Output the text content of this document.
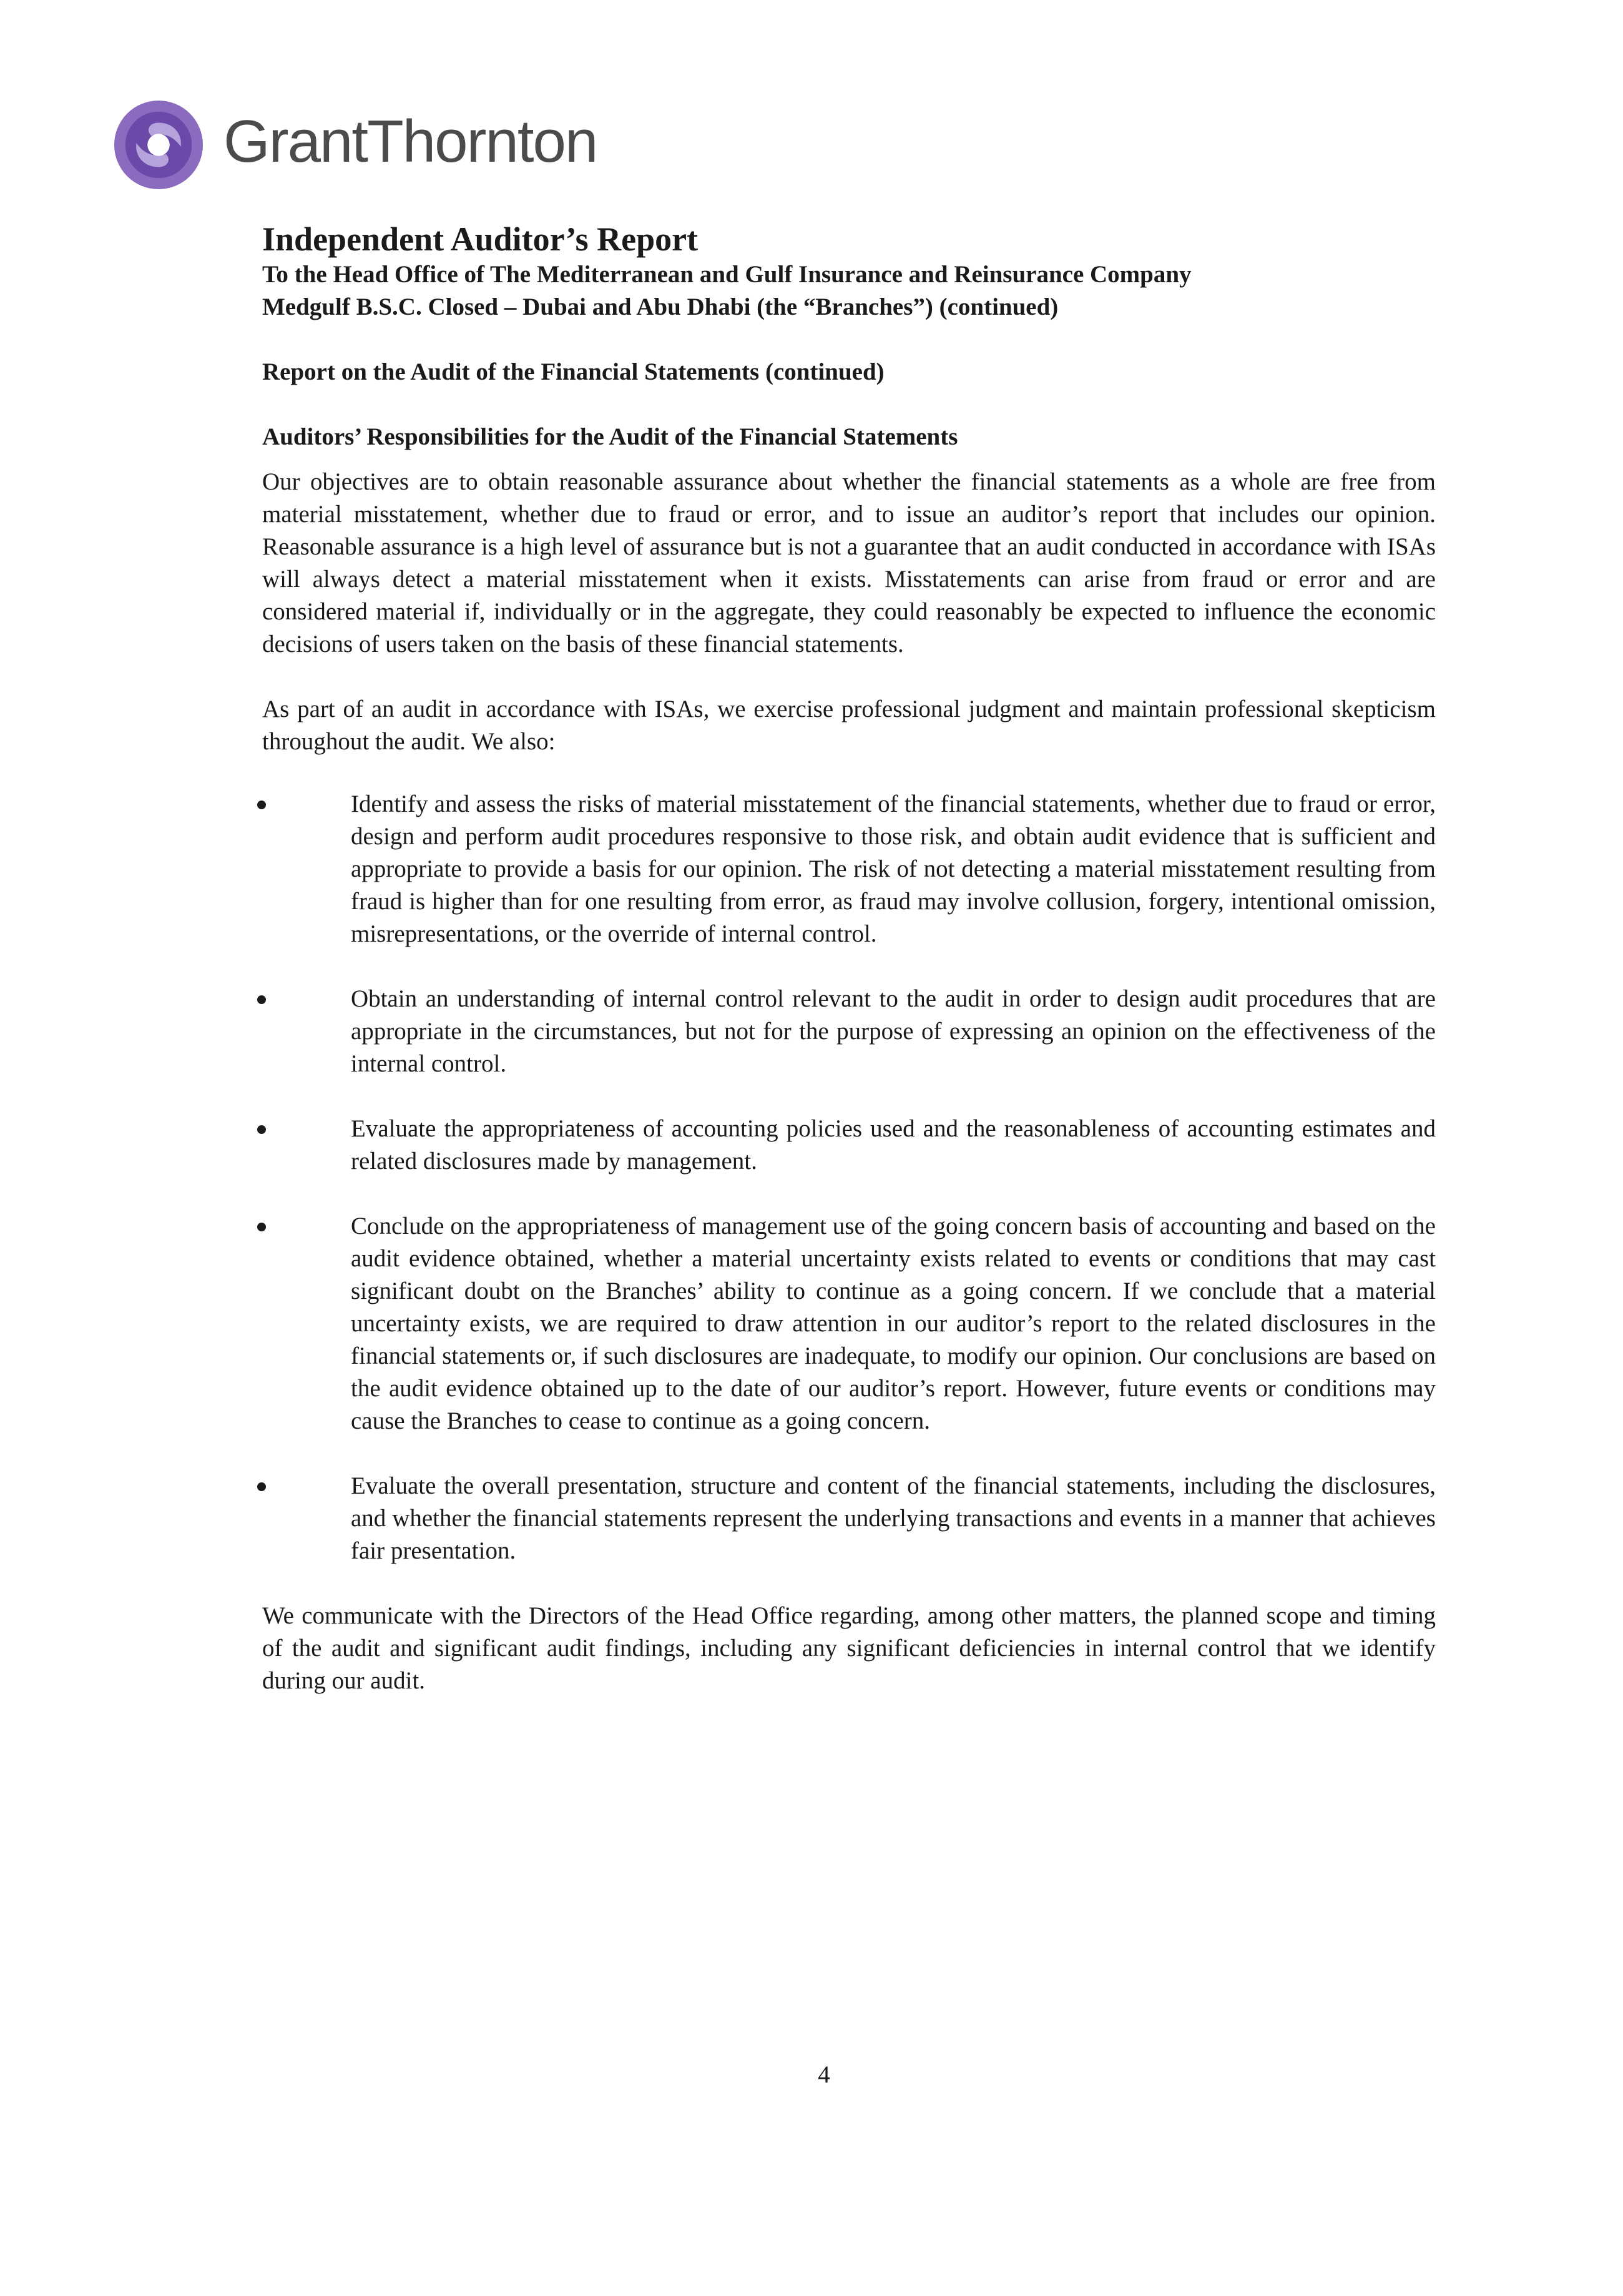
GrantThornton
Independent Auditor’s Report

To the Head Office of The Mediterranean and Gulf Insurance and Reinsurance Company

Medgulf B.S.C. Closed – Dubai and Abu Dhabi (the “Branches”) (continued)

Report on the Audit of the Financial Statements (continued)

Auditors’ Responsibilities for the Audit of the Financial Statements

Our objectives are to obtain reasonable assurance about whether the financial statements as a whole are free from material misstatement, whether due to fraud or error, and to issue an auditor’s report that includes our opinion. Reasonable assurance is a high level of assurance but is not a guarantee that an audit conducted in accordance with ISAs will always detect a material misstatement when it exists. Misstatements can arise from fraud or error and are considered material if, individually or in the aggregate, they could reasonably be expected to influence the economic decisions of users taken on the basis of these financial statements.

As part of an audit in accordance with ISAs, we exercise professional judgment and maintain professional skepticism throughout the audit. We also:

Identify and assess the risks of material misstatement of the financial statements, whether due to fraud or error, design and perform audit procedures responsive to those risk, and obtain audit evidence that is sufficient and appropriate to provide a basis for our opinion. The risk of not detecting a material misstatement resulting from fraud is higher than for one resulting from error, as fraud may involve collusion, forgery, intentional omission, misrepresentations, or the override of internal control.
Obtain an understanding of internal control relevant to the audit in order to design audit procedures that are appropriate in the circumstances, but not for the purpose of expressing an opinion on the effectiveness of the internal control.
Evaluate the appropriateness of accounting policies used and the reasonableness of accounting estimates and related disclosures made by management.
Conclude on the appropriateness of management use of the going concern basis of accounting and based on the audit evidence obtained, whether a material uncertainty exists related to events or conditions that may cast significant doubt on the Branches’ ability to continue as a going concern. If we conclude that a material uncertainty exists, we are required to draw attention in our auditor’s report to the related disclosures in the financial statements or, if such disclosures are inadequate, to modify our opinion. Our conclusions are based on the audit evidence obtained up to the date of our auditor’s report. However, future events or conditions may cause the Branches to cease to continue as a going concern.
Evaluate the overall presentation, structure and content of the financial statements, including the disclosures, and whether the financial statements represent the underlying transactions and events in a manner that achieves fair presentation.

We communicate with the Directors of the Head Office regarding, among other matters, the planned scope and timing of the audit and significant audit findings, including any significant deficiencies in internal control that we identify during our audit.

4
